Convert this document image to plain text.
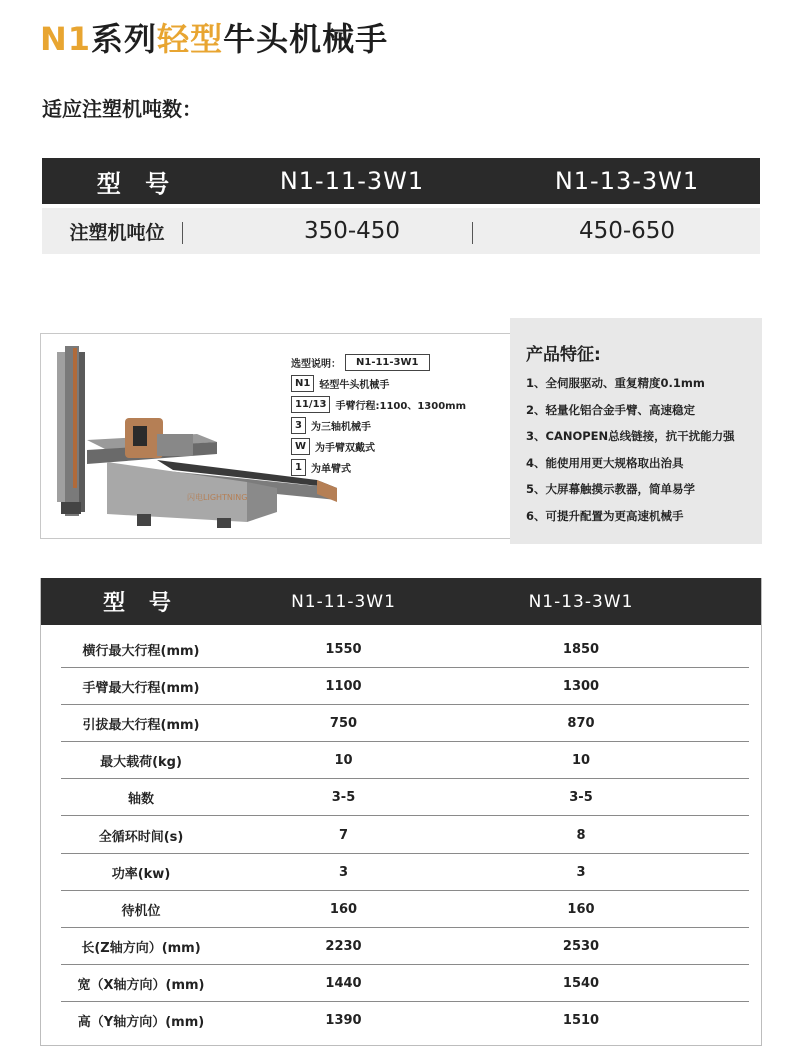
N1系列轻型牛头机械手
适应注塑机吨数：
型 号	N1-11-3W1	N1-13-3W1
注塑机吨位	350-450	450-650
闪电LIGHTNING
选型说明：	N1-11-3W1
N1 轻型牛头机械手
11/13 手臂行程:1100、1300mm
3 为三轴机械手
W 为手臂双戴式
1 为单臂式
产品特征:
1、全伺服驱动、重复精度0.1mm
2、轻量化铝合金手臂、高速稳定
3、CANOPEN总线链接，抗干扰能力强
4、能使用用更大规格取出治具
5、大屏幕触摸示教器，简单易学
6、可提升配置为更高速机械手
型 号	N1-11-3W1	N1-13-3W1
横行最大行程(mm)	1550	1850
手臂最大行程(mm)	1100	1300
引拔最大行程(mm)	750	870
最大载荷(kg)	10	10
轴数	3-5	3-5
全循环时间(s)	7	8
功率(kw)	3	3
待机位	160	160
长(Z轴方向）(mm)	2230	2530
宽（X轴方向）(mm)	1440	1540
高（Y轴方向）(mm)	1390	1510
